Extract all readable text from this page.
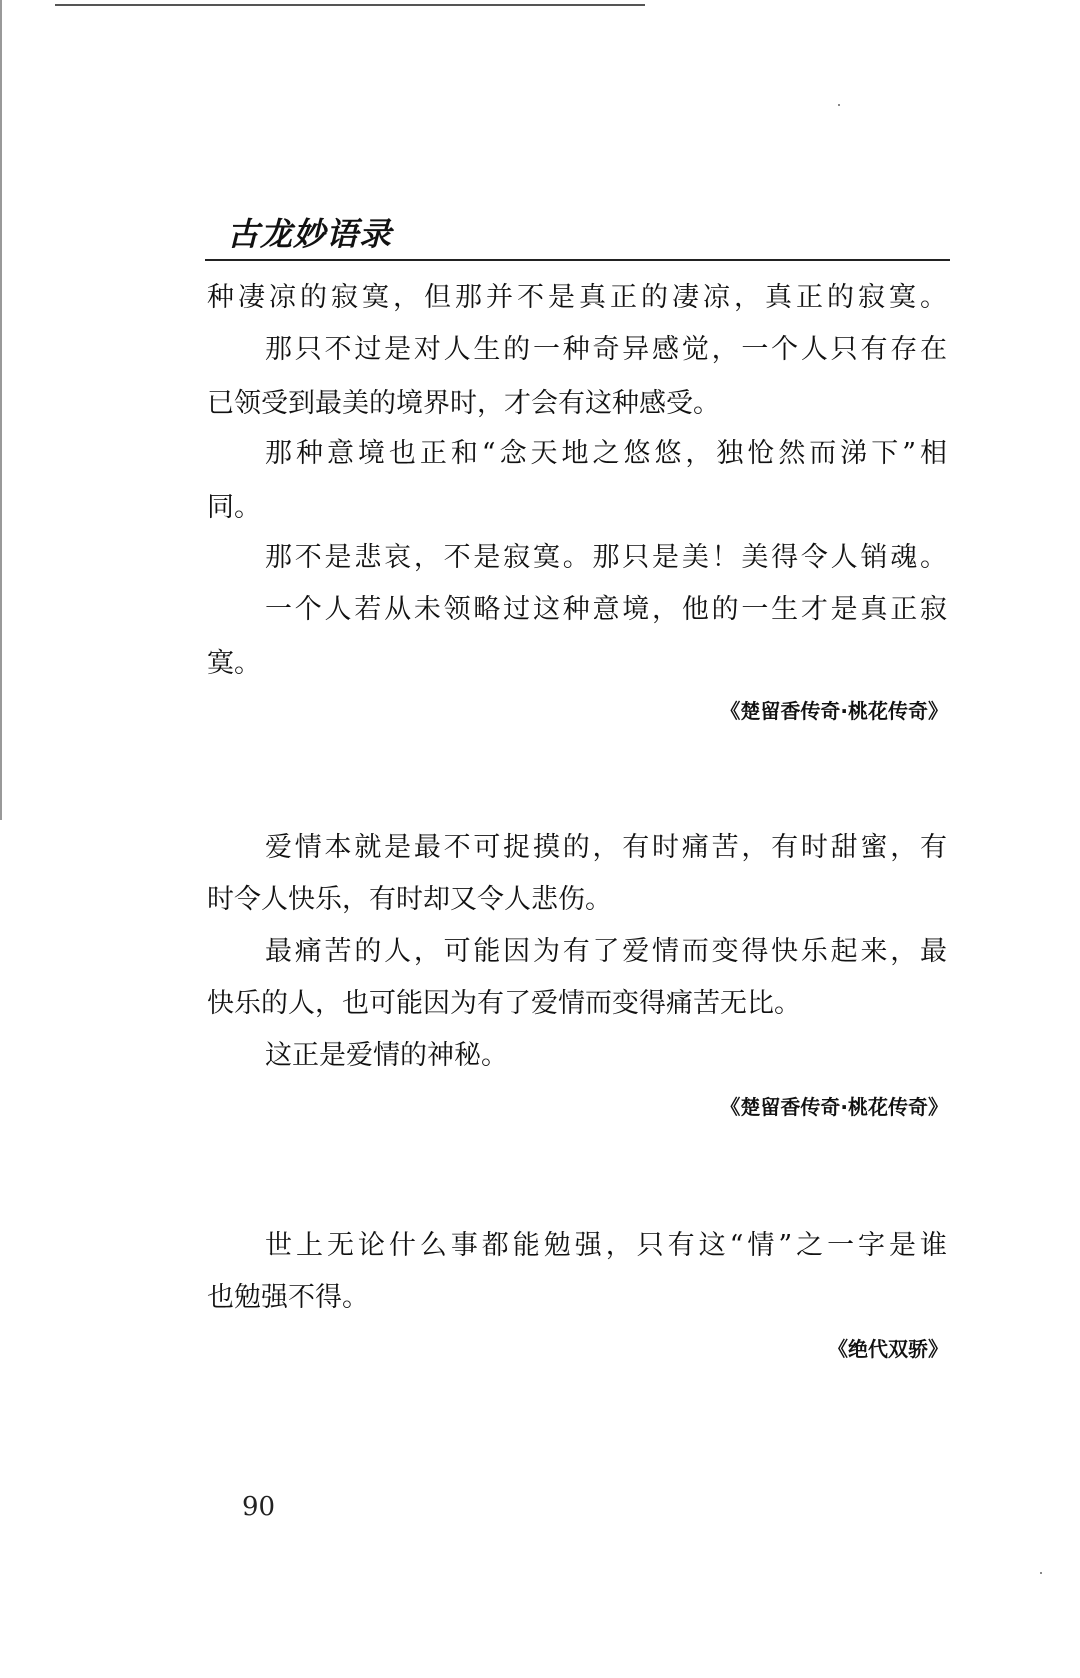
古龙妙语录
种凄凉的寂寞，但那并不是真正的凄凉，真正的寂寞。
那只不过是对人生的一种奇异感觉，一个人只有存在
已领受到最美的境界时，才会有这种感受。
那种意境也正和“念天地之悠悠，独怆然而涕下”相
同。
那不是悲哀，不是寂寞。那只是美！美得令人销魂。
一个人若从未领略过这种意境，他的一生才是真正寂
寞。
《楚留香传奇·桃花传奇》
爱情本就是最不可捉摸的，有时痛苦，有时甜蜜，有
时令人快乐，有时却又令人悲伤。
最痛苦的人，可能因为有了爱情而变得快乐起来，最
快乐的人，也可能因为有了爱情而变得痛苦无比。
这正是爱情的神秘。
《楚留香传奇·桃花传奇》
世上无论什么事都能勉强，只有这“情”之一字是谁
也勉强不得。
《绝代双骄》
90
